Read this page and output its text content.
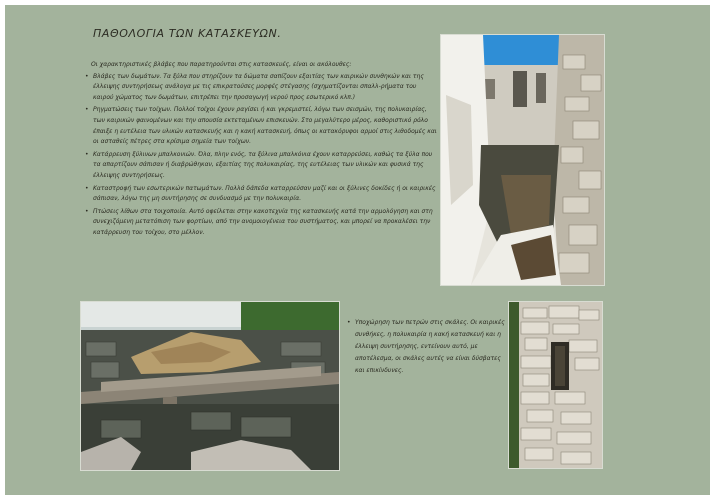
ΠΑΘΟΛΟΓΙΑ ΤΩΝ ΚΑΤΑΣΚΕΥΩΝ.

Οι χαρακτηριστικές βλάβες που παρατηρούνται στις κατασκευές, είναι οι ακόλουθες:

• Βλάβες των δωμάτων. Τα ξύλα που στηρίζουν τα δώματα σαπίζουν εξαιτίας των καιρικών συνθηκών και της έλλειψης συντηρήσεως ανάλογα με τις επικρατούσες μορφές στέγασης (σχηματίζονται σπαλλ-ρήματα του καιρού χώματος των δωμάτων, επιτρέπει την προσαγωγή νερού προς εσωτερικό κλπ.)
• Ρηγματώσεις των τοίχων. Πολλοί τοίχοι έχουν ραγίσει ή και γκρεμιστεί, λόγω των σεισμών, της πολυκαιρίας, των καιρικών φαινομένων και την απουσία εκτεταμένων επισκευών. Στο μεγαλύτερο μέρος, καθοριστικό ρόλο έπαιξε η ευτέλεια των υλικών κατασκευής και η κακή κατασκευή, όπως οι κατακόρυφοι αρμοί στις λιθοδομές και οι ασταθείς πέτρες στα κρίσιμα σημεία των τοίχων.
• Κατάρρευση ξύλινων μπαλκονιών. Όλα, πλην ενός, τα ξύλινα μπαλκόνια έχουν καταρρεύσει, καθώς τα ξύλα που τα απαρτίζουν σάπισαν ή διαβρώθηκαν, εξαιτίας της πολυκαιρίας, της ευτέλειας των υλικών και φυσικά της έλλειψης συντηρήσεως.
• Καταστροφή των εσωτερικών πατωμάτων. Πολλά δάπεδα καταρρεύσαν μαζί και οι ξύλινες δοκίδες ή οι καιρικές σάπισαν, λόγω της μη συντήρησης σε συνδυασμό με την πολυκαιρία.
• Πτώσεις λίθων στα τοιχοποιία. Αυτό οφείλεται στην κακοτεχνία της κατασκευής κατά την αρμολόγηση και στη συνεχιζόμενη μετατόπιση των φορτίων, από την ανομοιογένεια του συστήματος, και μπορεί να προκαλέσει την κατάρρευση του τοίχου, στο μέλλον.
• Υποχώρηση των πετρών στις σκάλες. Οι καιρικές συνθήκες, η πολυκαιρία η κακή κατασκευή και η έλλειψη συντήρησης, εντείνουν αυτό, με αποτέλεσμα, οι σκάλες αυτές να είναι δύσβατες και επικίνδυνες.
